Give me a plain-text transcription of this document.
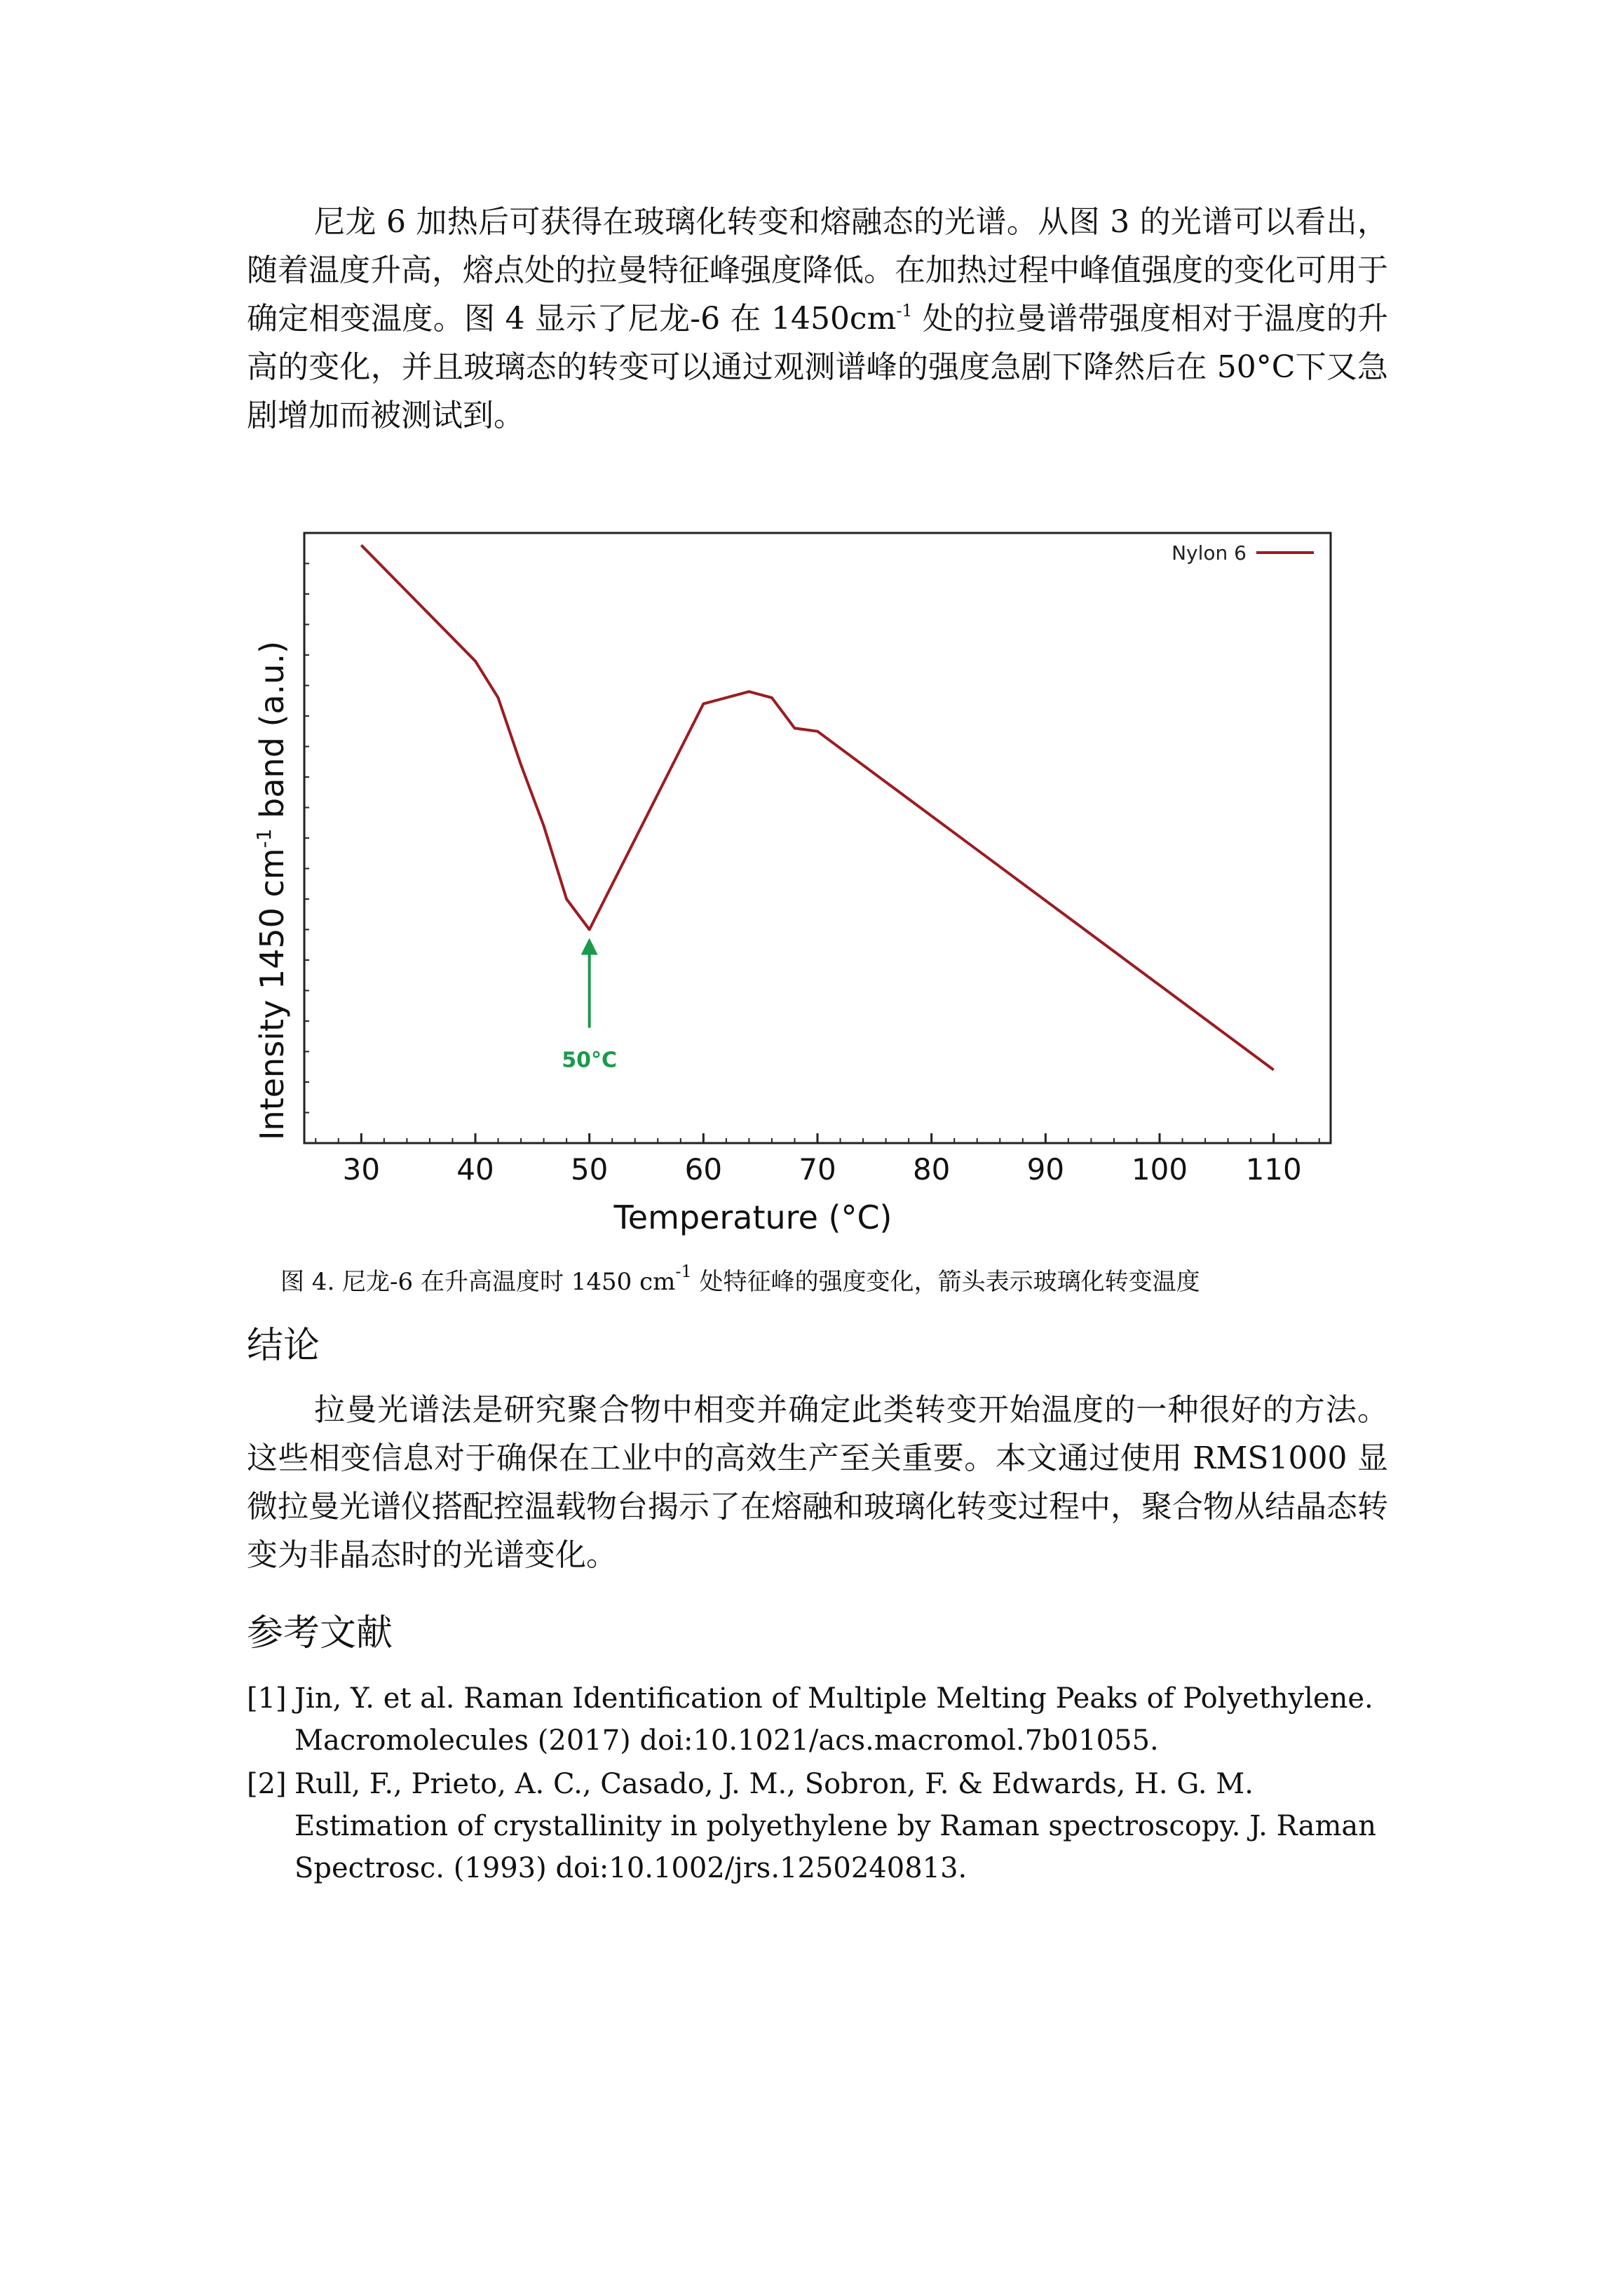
尼龙 6 加热后可获得在玻璃化转变和熔融态的光谱。从图 3 的光谱可以看出，随着温度升高，熔点处的拉曼特征峰强度降低。在加热过程中峰值强度的变化可用于确定相变温度。图 4 显示了尼龙-6 在 $1450cm^{-1}$ 处的拉曼谱带强度相对于温度的升高的变化，并且玻璃态的转变可以通过观测谱峰的强度急剧下降然后在 50°C下又急剧增加而被测试到。

30	40	50	60	70	80	90 100 110
50°C
Nylon 6
Temperature (°C)
Intensity 1450 $cm^{-1}$ band (a.u.)

图 4. 尼龙-6 在升高温度时 1450 $cm^{-1}$ 处特征峰的强度变化，箭头表示玻璃化转变温度

结论

拉曼光谱法是研究聚合物中相变并确定此类转变开始温度的一种很好的方法。这些相变信息对于确保在工业中的高效生产至关重要。本文通过使用 RMS1000 显微拉曼光谱仪搭配控温载物台揭示了在熔融和玻璃化转变过程中，聚合物从结晶态转变为非晶态时的光谱变化。

参考文献

[1] Jin, Y. et al. Raman Identification of Multiple Melting Peaks of Polyethylene. Macromolecules (2017) doi:10.1021/acs.macromol.7b01055.

[2] Rull, F., Prieto, A. C., Casado, J. M., Sobron, F. & Edwards, H. G. M. Estimation of crystallinity in polyethylene by Raman spectroscopy. J. Raman Spectrosc. (1993) doi:10.1002/jrs.1250240813.
